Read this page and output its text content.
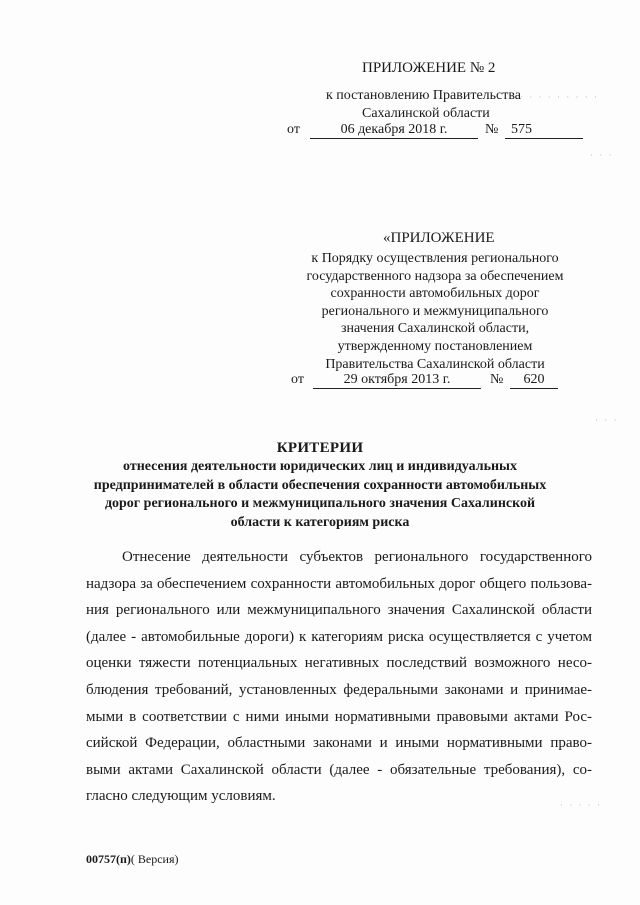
ПРИЛОЖЕНИЕ № 2
к постановлению Правительства
Сахалинской области
от	06 декабря 2018 г.	№ 575
«ПРИЛОЖЕНИЕ
к Порядку осуществления регионального
государственного надзора за обеспечением
сохранности автомобильных дорог
регионального и межмуниципального
значения Сахалинской области,
утвержденному постановлением
Правительства Сахалинской области
от	29 октября 2013 г.	№	620
КРИТЕРИИ
отнесения деятельности юридических лиц и индивидуальных
предпринимателей в области обеспечения сохранности автомобильных
дорог регионального и межмуниципального значения Сахалинской
области к категориям риска
Отнесение деятельности субъектов регионального государственного
надзора за обеспечением сохранности автомобильных дорог общего пользова-
ния регионального или межмуниципального значения Сахалинской области
(далее - автомобильные дороги) к категориям риска осуществляется с учетом
оценки тяжести потенциальных негативных последствий возможного несо-
блюдения требований, установленных федеральными законами и принимае-
мыми в соответствии с ними иными нормативными правовыми актами Рос-
сийской Федерации, областными законами и иными нормативными право-
выми актами Сахалинской области (далее - обязательные требования), со-
гласно следующим условиям.
00757(п)( Версия)
· · · · · · · · ·
· · ·
· · ·
· · · · ·
